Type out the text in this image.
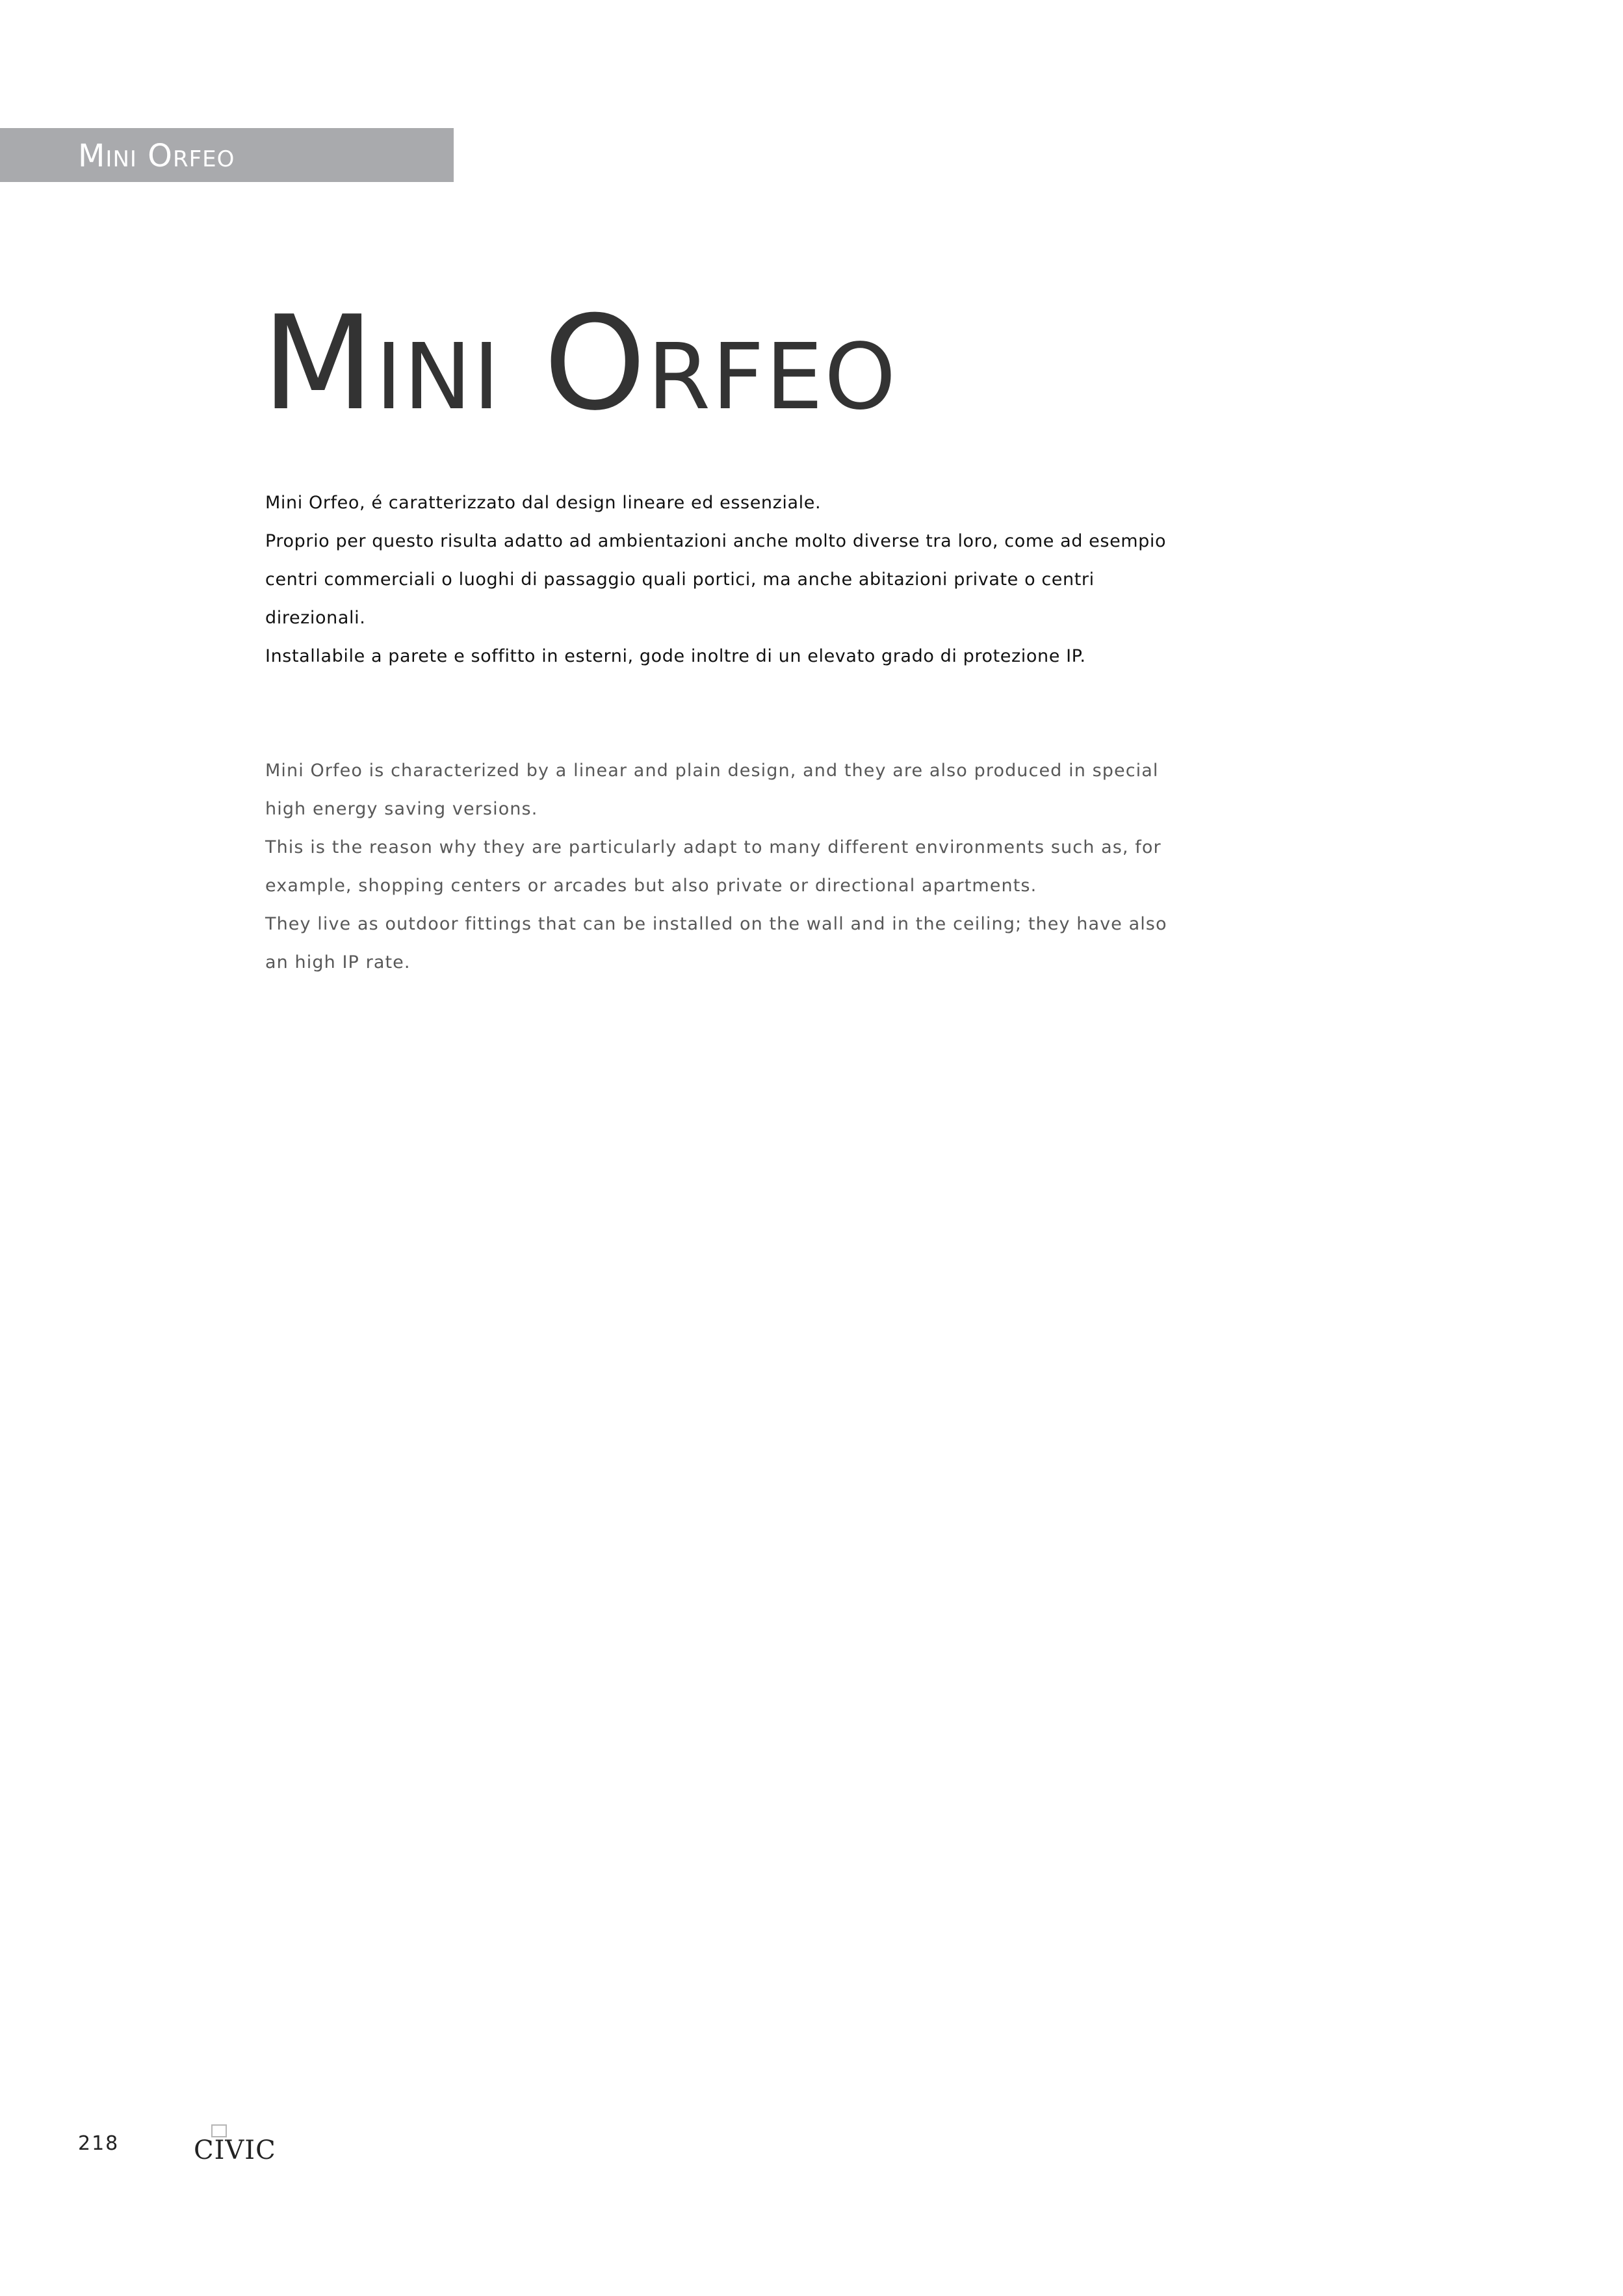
Mini Orfeo
Mini Orfeo

Mini Orfeo, é caratterizzato dal design lineare ed essenziale.

Proprio per questo risulta adatto ad ambientazioni anche molto diverse tra loro, come ad esempio centri commerciali o luoghi di passaggio quali portici, ma anche abitazioni private o centri direzionali.

Installabile a parete e soffitto in esterni, gode inoltre di un elevato grado di protezione IP.

Mini Orfeo is characterized by a linear and plain design, and they are also produced in special high energy saving versions.

This is the reason why they are particularly adapt to many different environments such as, for example, shopping centers or arcades but also private or directional apartments.

They live as outdoor fittings that can be installed on the wall and in the ceiling; they have also an high IP rate.

218	CIVIC
